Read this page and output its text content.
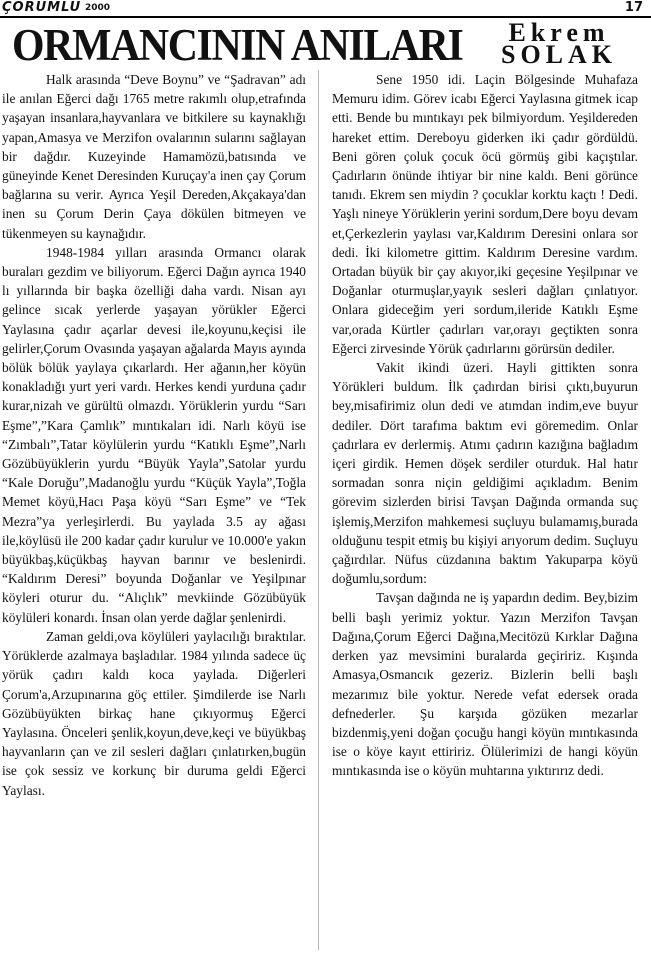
ÇORUMLU 2000	17
ORMANCININ ANILARI	Ekrem
SOLAK

Halk arasında “Deve Boynu” ve “Şadravan” adı ile anılan Eğerci dağı 1765 metre rakımlı olup,etrafında yaşayan insanlara,hayvanlara ve bitkilere su kaynaklığı yapan,Amasya ve Merzifon ovalarının sularını sağlayan bir dağdır. Kuzeyinde Hamamözü,batısında ve güneyinde Kenet Deresinden Kuruçay'a inen çay Çorum bağlarına su verir. Ayrıca Yeşil Dereden,Akçakaya'dan inen su Çorum Derin Çaya dökülen bitmeyen ve tükenmeyen su kaynağıdır.

1948-1984 yılları arasında Ormancı olarak buraları gezdim ve biliyorum. Eğerci Dağın ayrıca 1940 lı yıllarında bir başka özelliği daha vardı. Nisan ayı gelince sıcak yerlerde yaşayan yörükler Eğerci Yaylasına çadır açarlar devesi ile,koyunu,keçisi ile gelirler,Çorum Ovasında yaşayan ağalarda Mayıs ayında bölük bölük yaylaya çıkarlardı. Her ağanın,her köyün konakladığı yurt yeri vardı. Herkes kendi yurduna çadır kurar,nizah ve gürültü olmazdı. Yörüklerin yurdu “Sarı Eşme”,”Kara Çamlık” mıntıkaları idi. Narlı köyü ise “Zımbalı”,Tatar köylülerin yurdu “Katıklı Eşme”,Narlı Gözübüyüklerin yurdu “Büyük Yayla”,Satolar yurdu “Kale Doruğu”,Madanoğlu yurdu “Küçük Yayla”,Toğla Memet köyü,Hacı Paşa köyü “Sarı Eşme” ve “Tek Mezra”ya yerleşirlerdi. Bu yaylada 3.5 ay ağası ile,köylüsü ile 200 kadar çadır kurulur ve 10.000'e yakın büyükbaş,küçükbaş hayvan barınır ve beslenirdi. “Kaldırım Deresi” boyunda Doğanlar ve Yeşilpınar köyleri oturur du. “Alıçlık” mevkiinde Gözübüyük köylüleri konardı. İnsan olan yerde dağlar şenlenirdi.

Zaman geldi,ova köylüleri yaylacılığı bıraktılar. Yörüklerde azalmaya başladılar. 1984 yılında sadece üç yörük çadırı kaldı koca yaylada. Diğerleri Çorum'a,Arzupınarına göç ettiler. Şimdilerde ise Narlı Gözübüyükten birkaç hane çıkıyormuş Eğerci Yaylasına. Önceleri şenlik,koyun,deve,keçi ve büyükbaş hayvanların çan ve zil sesleri dağları çınlatırken,bugün ise çok sessiz ve korkunç bir duruma geldi Eğerci Yaylası.

Sene 1950 idi. Laçin Bölgesinde Muhafaza Memuru idim. Görev icabı Eğerci Yaylasına gitmek icap etti. Bende bu mıntıkayı pek bilmiyordum. Yeşildereden hareket ettim. Dereboyu giderken iki çadır gördüldü. Beni gören çoluk çocuk öcü görmüş gibi kaçıştılar. Çadırların önünde ihtiyar bir nine kaldı. Beni görünce tanıdı. Ekrem sen miydin ? çocuklar korktu kaçtı ! Dedi. Yaşlı nineye Yörüklerin yerini sordum,Dere boyu devam et,Çerkezlerin yaylası var,Kaldırım Deresini onlara sor dedi. İki kilometre gittim. Kaldırım Deresine vardım. Ortadan büyük bir çay akıyor,iki geçesine Yeşilpınar ve Doğanlar oturmuşlar,yayık sesleri dağları çınlatıyor. Onlara gideceğim yeri sordum,ileride Katıklı Eşme var,orada Kürtler çadırları var,orayı geçtikten sonra Eğerci zirvesinde Yörük çadırlarını görürsün dediler.

Vakit ikindi üzeri. Hayli gittikten sonra Yörükleri buldum. İlk çadırdan birisi çıktı,buyurun bey,misafirimiz olun dedi ve atımdan indim,eve buyur dediler. Dört tarafıma baktım evi göremedim. Onlar çadırlara ev derlermiş. Atımı çadırın kazığına bağladım içeri girdik. Hemen döşek serdiler oturduk. Hal hatır sormadan sonra niçin geldiğimi açıkladım. Benim görevim sizlerden birisi Tavşan Dağında ormanda suç işlemiş,Merzifon mahkemesi suçluyu bulamamış,burada olduğunu tespit etmiş bu kişiyi arıyorum dedim. Suçluyu çağırdılar. Nüfus cüzdanına baktım Yakuparpa köyü doğumlu,sordum:

Tavşan dağında ne iş yapardın dedim. Bey,bizim belli başlı yerimiz yoktur. Yazın Merzifon Tavşan Dağına,Çorum Eğerci Dağına,Mecitözü Kırklar Dağına derken yaz mevsimini buralarda geçiririz. Kışında Amasya,Osmancık gezeriz. Bizlerin belli başlı mezarımız bile yoktur. Nerede vefat edersek orada defnederler. Şu karşıda gözüken mezarlar bizdenmiş,yeni doğan çocuğu hangi köyün mıntıkasında ise o köye kayıt ettiririz. Ölülerimizi de hangi köyün mıntıkasında ise o köyün muhtarına yıktırırız dedi.
